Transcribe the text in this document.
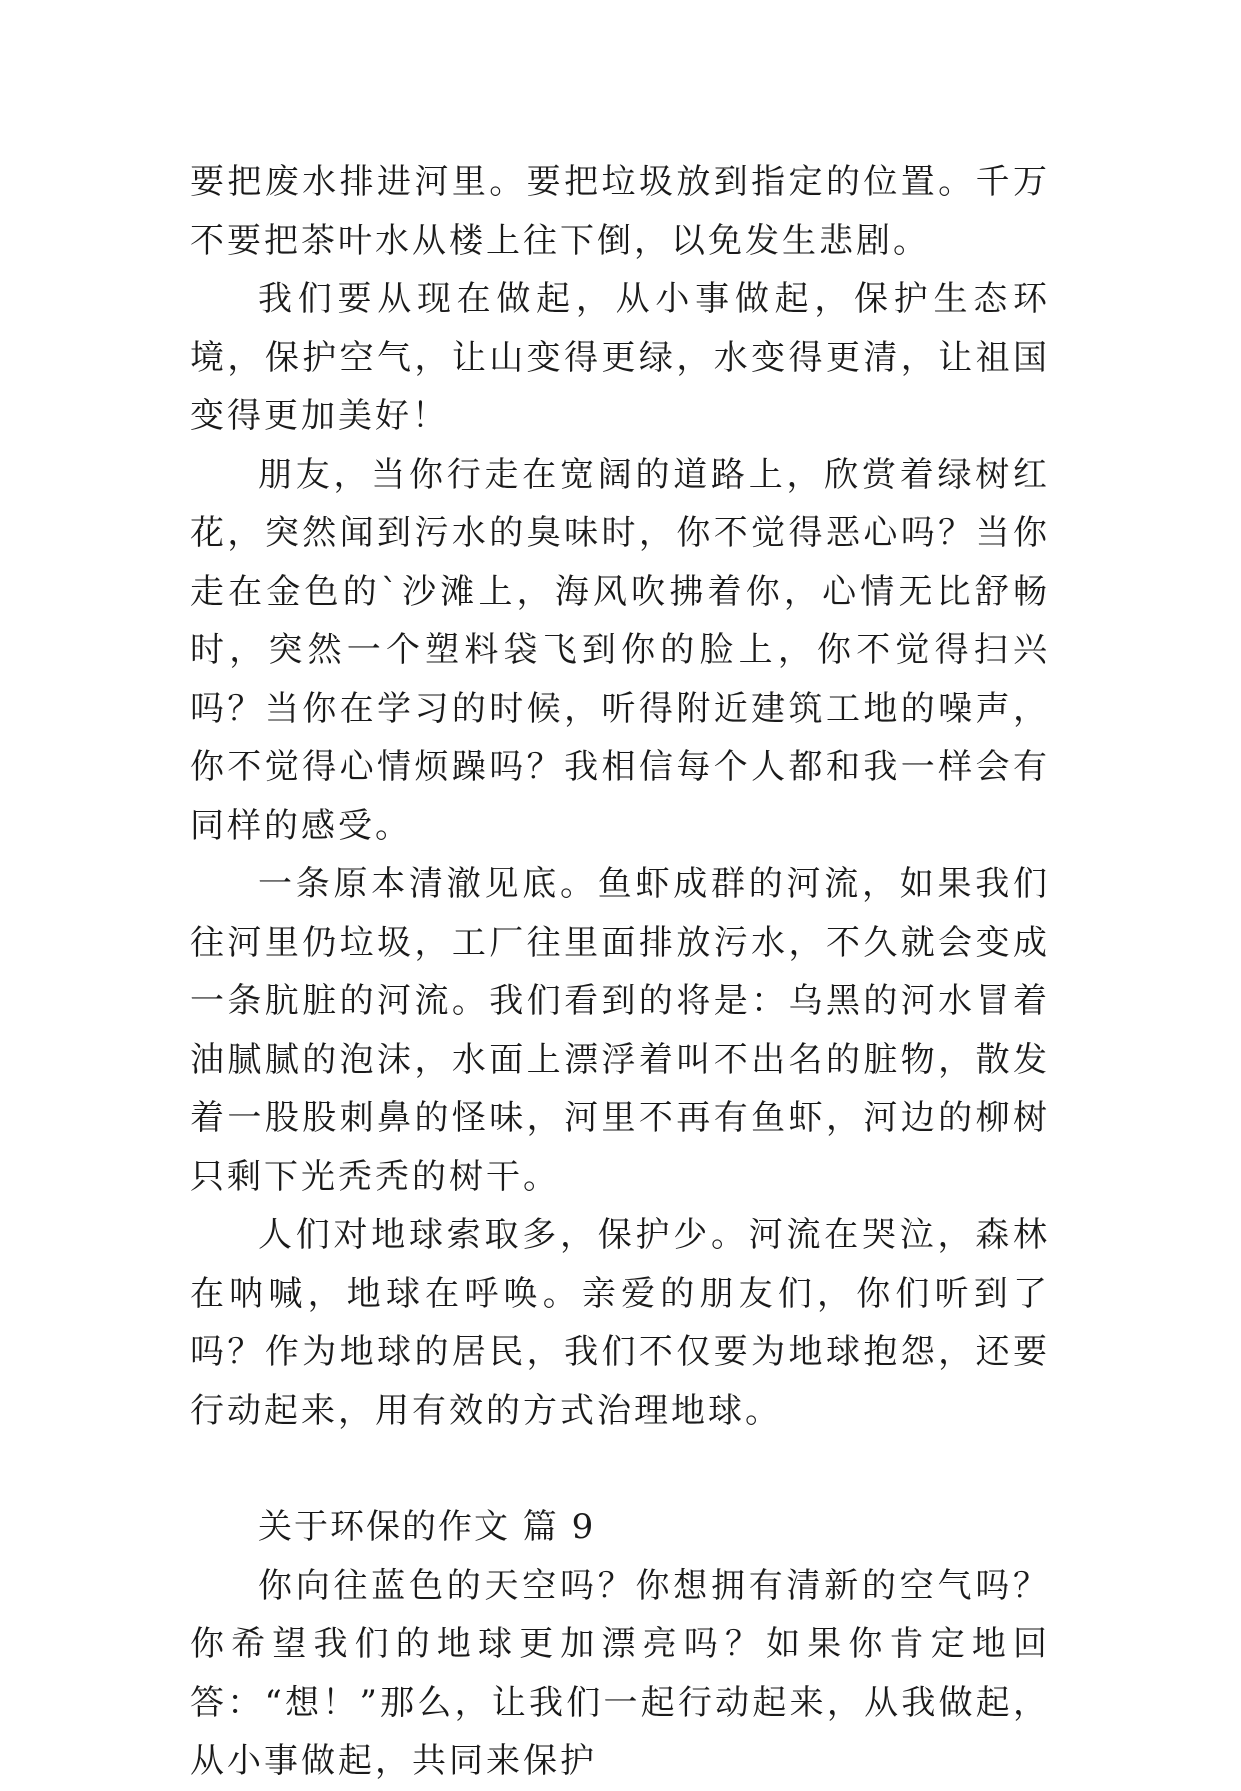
要把废水排进河里。要把垃圾放到指定的位置。千万不要把茶叶水从楼上往下倒，以免发生悲剧。

我们要从现在做起，从小事做起，保护生态环境，保护空气，让山变得更绿，水变得更清，让祖国变得更加美好！

朋友，当你行走在宽阔的道路上，欣赏着绿树红花，突然闻到污水的臭味时，你不觉得恶心吗？当你走在金色的`沙滩上，海风吹拂着你，心情无比舒畅时，突然一个塑料袋飞到你的脸上，你不觉得扫兴吗？当你在学习的时候，听得附近建筑工地的噪声，你不觉得心情烦躁吗？我相信每个人都和我一样会有同样的感受。

一条原本清澈见底。鱼虾成群的河流，如果我们往河里仍垃圾，工厂往里面排放污水，不久就会变成一条肮脏的河流。我们看到的将是：乌黑的河水冒着油腻腻的泡沫，水面上漂浮着叫不出名的脏物，散发着一股股刺鼻的怪味，河里不再有鱼虾，河边的柳树只剩下光秃秃的树干。

人们对地球索取多，保护少。河流在哭泣，森林在呐喊，地球在呼唤。亲爱的朋友们，你们听到了吗？作为地球的居民，我们不仅要为地球抱怨，还要行动起来，用有效的方式治理地球。

关于环保的作文 篇 9

你向往蓝色的天空吗？你想拥有清新的空气吗？你希望我们的地球更加漂亮吗？如果你肯定地回答：“想！”那么，让我们一起行动起来，从我做起，从小事做起，共同来保护
